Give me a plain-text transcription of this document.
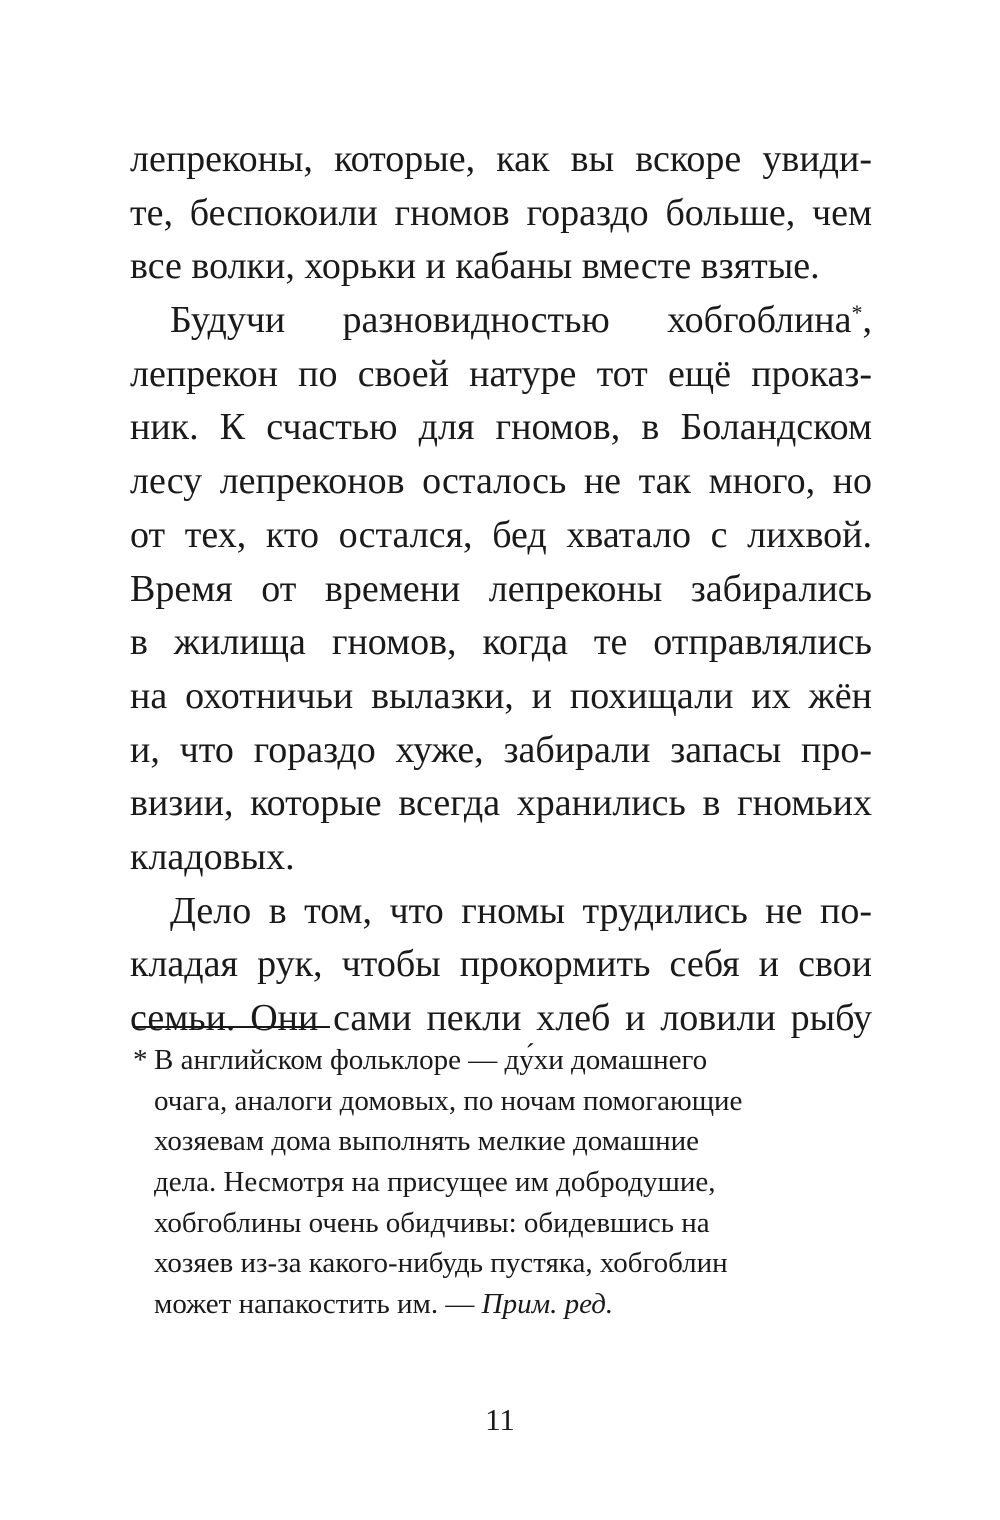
лепреконы, которые, как вы вскоре увиди-
те, беспокоили гномов гораздо больше, чем
все волки, хорьки и кабаны вместе взятые.
Будучи разновидностью хобгоблина*,
лепрекон по своей натуре тот ещё проказ-
ник. К счастью для гномов, в Боландском
лесу лепреконов осталось не так много, но
от тех, кто остался, бед хватало с лихвой.
Время от времени лепреконы забирались
в жилища гномов, когда те отправлялись
на охотничьи вылазки, и похищали их жён
и, что гораздо хуже, забирали запасы про-
визии, которые всегда хранились в гномьих
кладовых.
Дело в том, что гномы трудились не по-
кладая рук, чтобы прокормить себя и свои
семьи. Они сами пекли хлеб и ловили рыбу
* В английском фольклоре — ду́хи домашнего
очага, аналоги домовых, по ночам помогающие
хозяевам дома выполнять мелкие домашние
дела. Несмотря на присущее им добродушие,
хобгоблины очень обидчивы: обидевшись на
хозяев из-за какого-нибудь пустяка, хобгоблин
может напакостить им. — Прим. ред.
11
